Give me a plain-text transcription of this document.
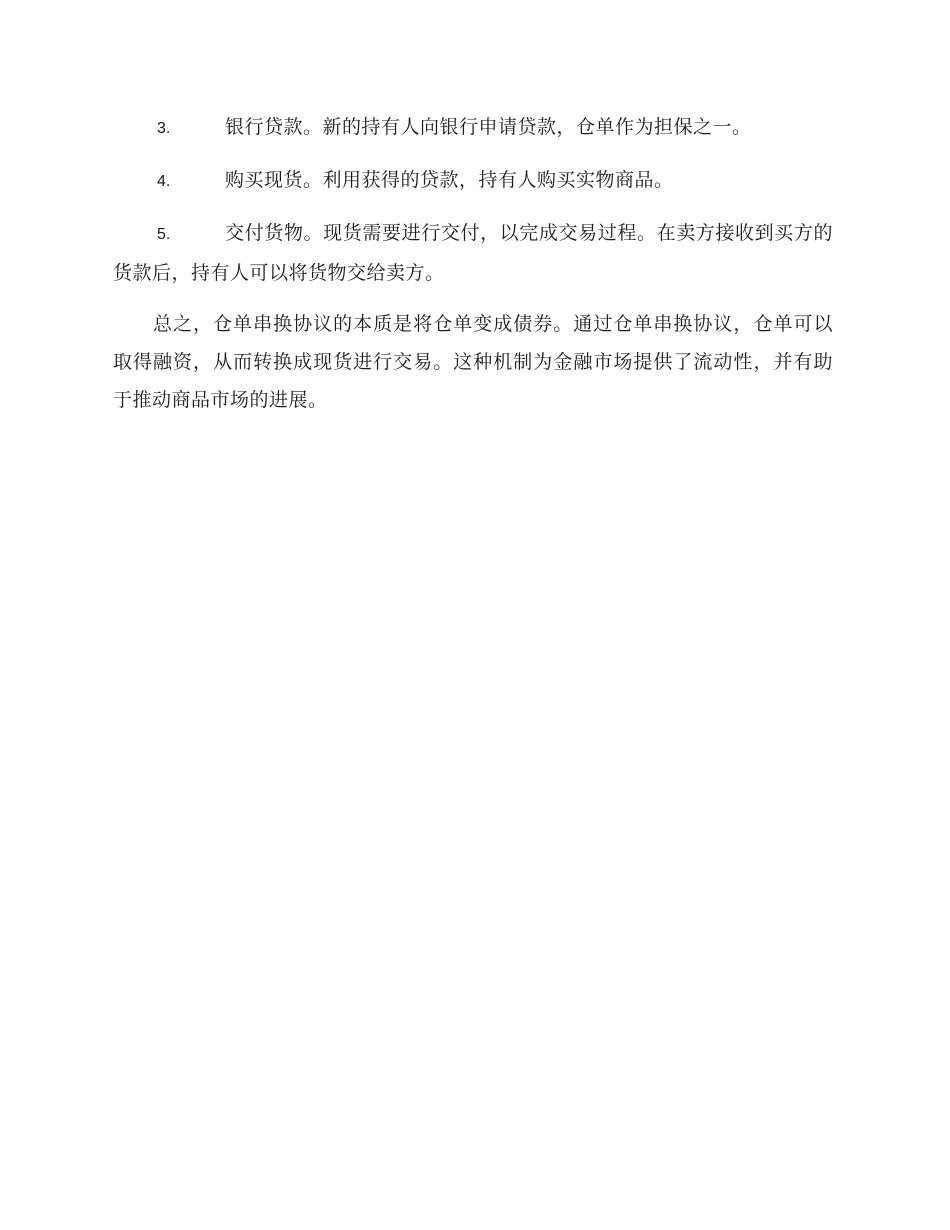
3.	银行贷款。新的持有人向银行申请贷款，仓单作为担保之一。
4.	购买现货。利用获得的贷款，持有人购买实物商品。
5.	交付货物。现货需要进行交付，以完成交易过程。在卖方接收到买方的货款后，持有人可以将货物交给卖方。

总之，仓单串换协议的本质是将仓单变成债券。通过仓单串换协议，仓单可以取得融资，从而转换成现货进行交易。这种机制为金融市场提供了流动性，并有助于推动商品市场的进展。
